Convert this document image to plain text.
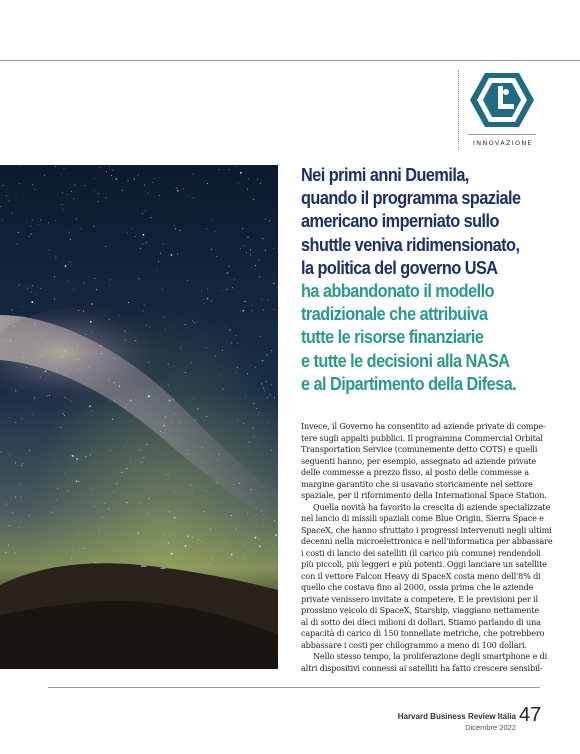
INNOVAZIONE
Nei primi anni Duemila,
quando il programma spaziale
americano imperniato sullo
shuttle veniva ridimensionato,
la politica del governo USA
ha abbandonato il modello
tradizionale che attribuiva
tutte le risorse finanziarie
e tutte le decisioni alla NASA
e al Dipartimento della Difesa.
Invece, il Governo ha consentito ad aziende private di compe-
tere sugli appalti pubblici. Il programma Commercial Orbital
Transportation Service (comunemente detto COTS) e quelli
seguenti hanno, per esempio, assegnato ad aziende private
delle commesse a prezzo fisso, al posto delle commesse a
margine garantito che si usavano storicamente nel settore
spaziale, per il rifornimento della International Space Station.
Quella novità ha favorito la crescita di aziende specializzate
nel lancio di missili spaziali come Blue Origin, Sierra Space e
SpaceX, che hanno sfruttato i progressi intervenuti negli ultimi
decenni nella microelettronica e nell'informatica per abbassare
i costi di lancio dei satelliti (il carico più comune) rendendoli
più piccoli, più leggeri e più potenti. Oggi lanciare un satellite
con il vettore Falcon Heavy di SpaceX costa meno dell'8% di
quello che costava fino al 2000, ossia prima che le aziende
private venissero invitate a competere. E le previsioni per il
prossimo veicolo di SpaceX, Starship, viaggiano nettamente
al di sotto dei dieci milioni di dollari. Stiamo parlando di una
capacità di carico di 150 tonnellate metriche, che potrebbero
abbassare i costi per chilogrammo a meno di 100 dollari.
Nello stesso tempo, la proliferazione degli smartphone e di
altri dispositivi connessi ai satelliti ha fatto crescere sensibil-
Harvard Business Review Italia
Dicembre 2022
47
